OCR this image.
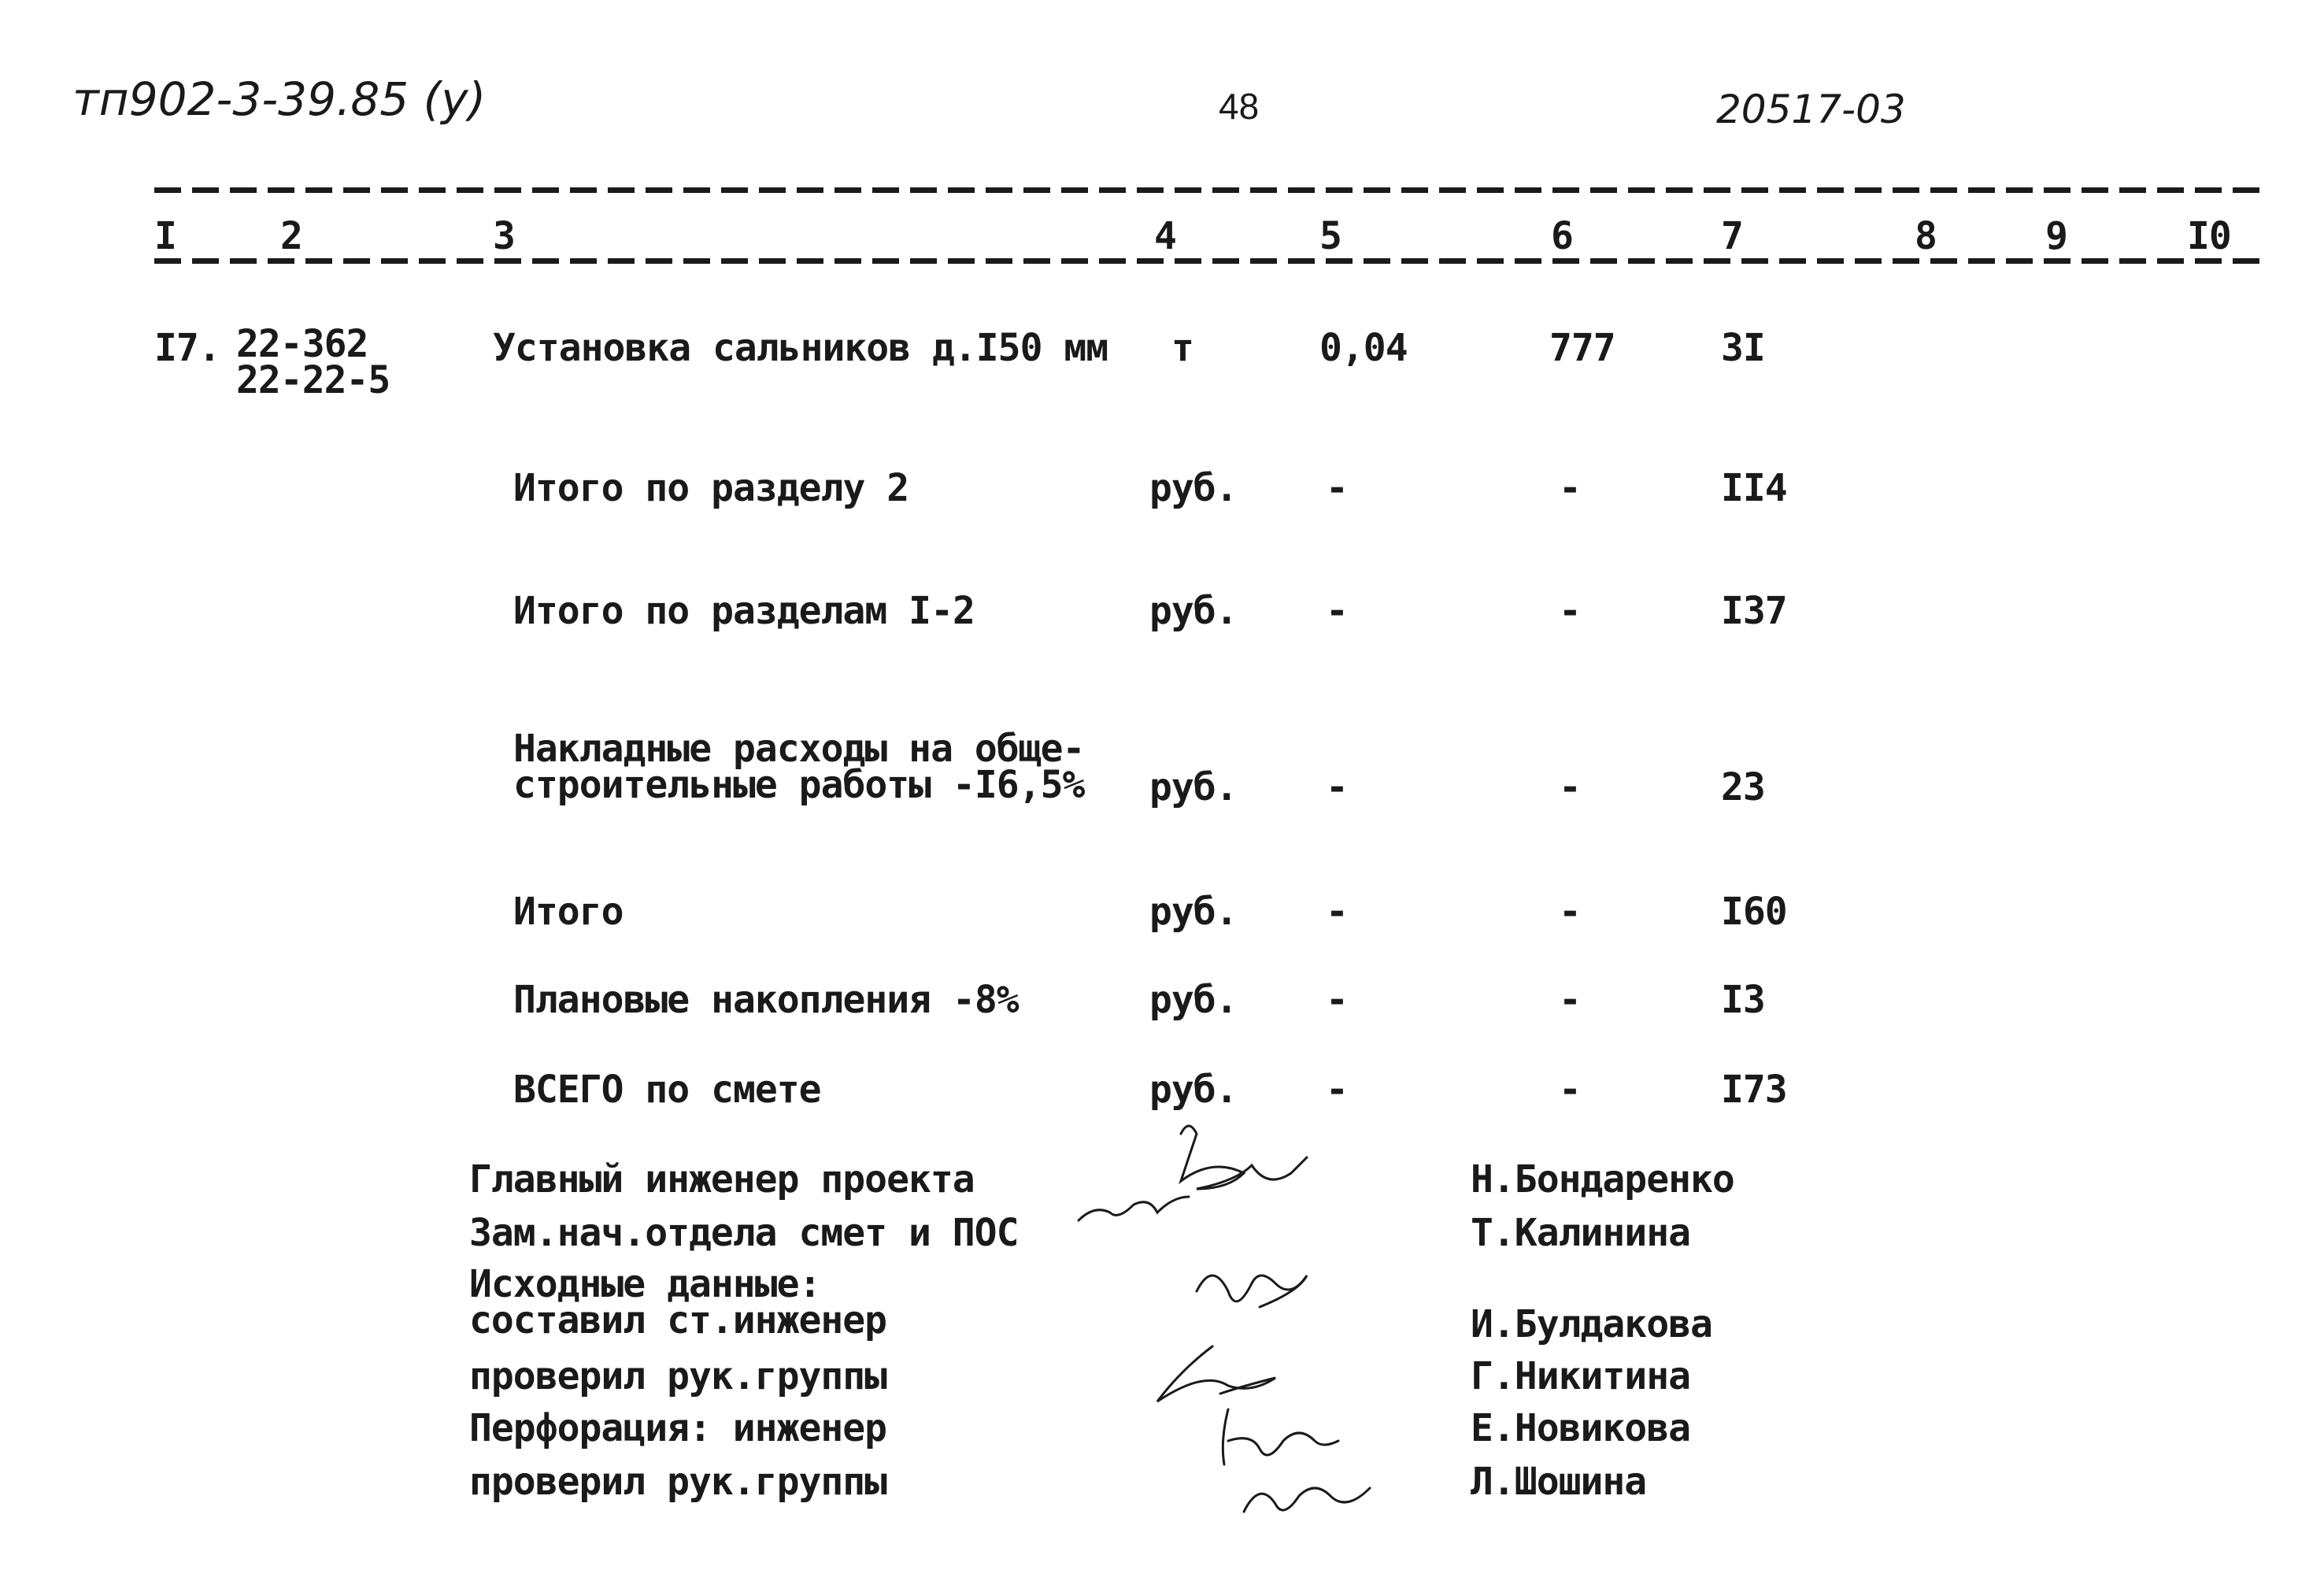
тп902-3-39.85 (у)	48	20517-03
I	2	3	4	5	6	7	8	9	I0
I7. 22-362
22-22-5
Установка сальников д.I50 мм т	0,04	777	3I
Итого по разделу 2	руб. -	-	II4
Итого по разделам I-2	руб. -	-	I37
Накладные расходы на обще-
строительные работы -I6,5% руб. -	-	23
Итого	руб. -	-	I60
Плановые накопления -8%	руб. -	-	I3
ВСЕГО по смете	руб. -	-	I73
Главный инженер проекта	Н.Бондаренко
Зам.нач.отдела смет и ПОС	Т.Калинина
Исходные данные:
составил ст.инженер	И.Булдакова
проверил рук.группы	Г.Никитина
Перфорация: инженер	Е.Новикова
проверил рук.группы	Л.Шошина
